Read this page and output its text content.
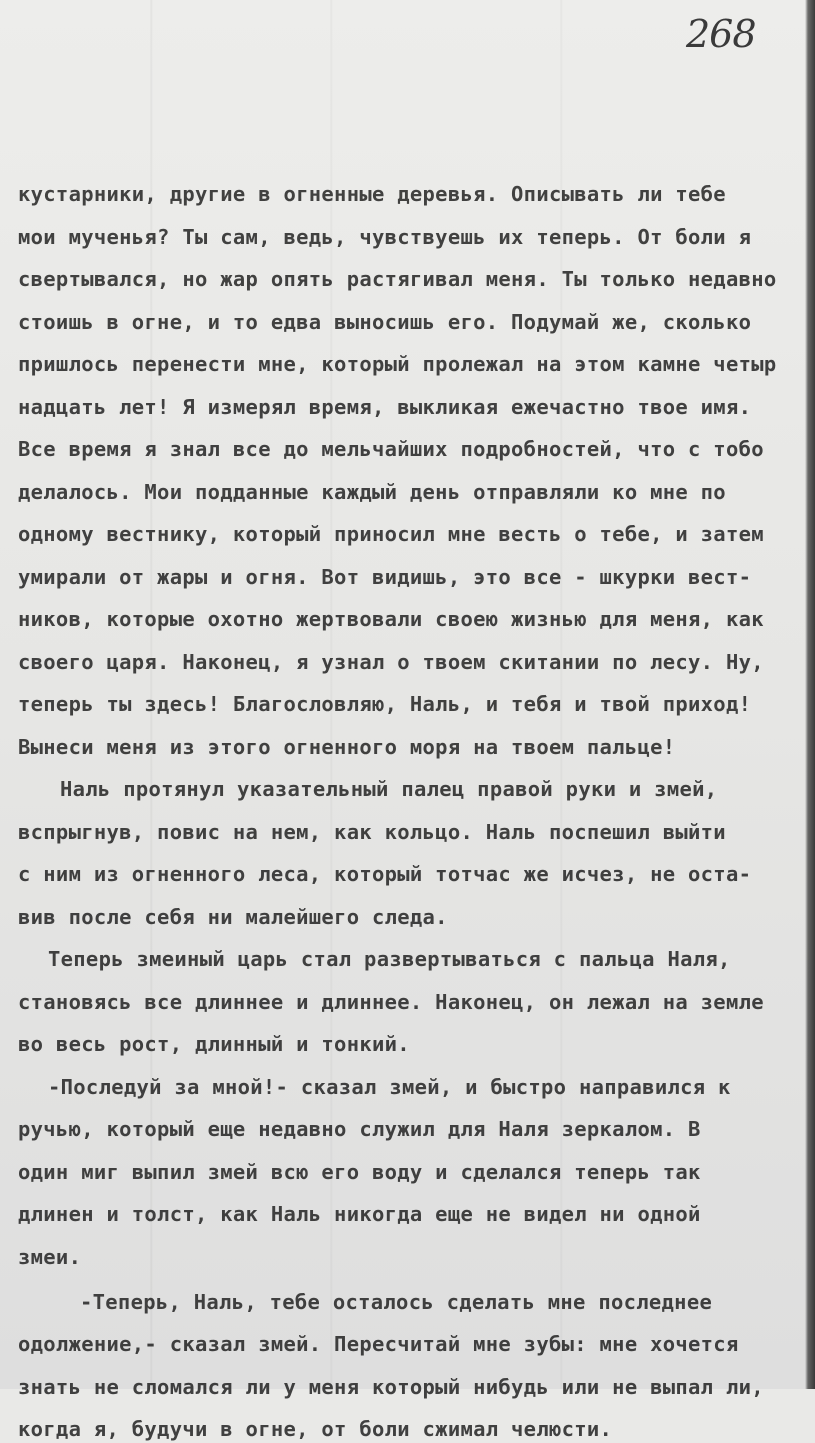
268
кустарники, другие в огненные деревья. Описывать ли тебе
мои мученья? Ты сам, ведь, чувствуешь их теперь. От боли я
свертывался, но жар опять растягивал меня. Ты только недавно
стоишь в огне, и то едва выносишь его. Подумай же, сколько
пришлось перенести мне, который пролежал на этом камне четыр
надцать лет! Я измерял время, выкликая ежечастно твое имя.
Все время я знал все до мельчайших подробностей, что с тобо
делалось. Мои подданные каждый день отправляли ко мне по
одному вестнику, который приносил мне весть о тебе, и затем
умирали от жары и огня. Вот видишь, это все - шкурки вест-
ников, которые охотно жертвовали своею жизнью для меня, как
своего царя. Наконец, я узнал о твоем скитании по лесу. Ну,
теперь ты здесь! Благословляю, Наль, и тебя и твой приход!
Вынеси меня из этого огненного моря на твоем пальце!
Наль протянул указательный палец правой руки и змей,
вспрыгнув, повис на нем, как кольцо. Наль поспешил выйти
с ним из огненного леса, который тотчас же исчез, не оста-
вив после себя ни малейшего следа.
Теперь змеиный царь стал развертываться с пальца Наля,
становясь все длиннее и длиннее. Наконец, он лежал на земле
во весь рост, длинный и тонкий.
-Последуй за мной!- сказал змей, и быстро направился к
ручью, который еще недавно служил для Наля зеркалом. В
один миг выпил змей всю его воду и сделался теперь так
длинен и толст, как Наль никогда еще не видел ни одной
змеи.
-Теперь, Наль, тебе осталось сделать мне последнее
одолжение,- сказал змей. Пересчитай мне зубы: мне хочется
знать не сломался ли у меня который нибудь или не выпал ли,
когда я, будучи в огне, от боли сжимал челюсти.
